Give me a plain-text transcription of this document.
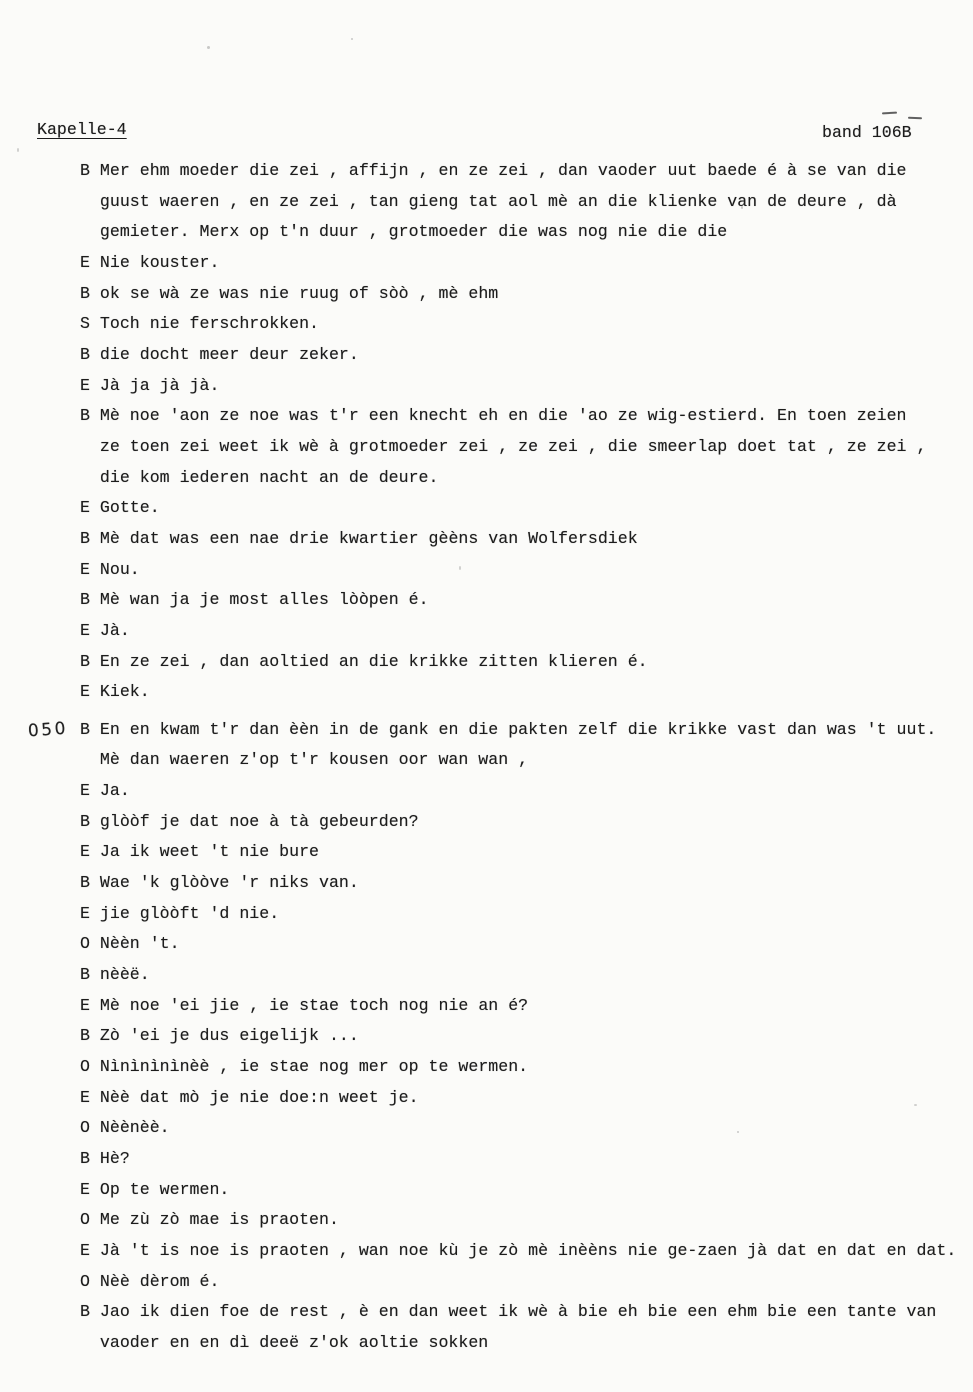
Kapelle-4	band 106B
B Mer ehm moeder die zei , affijn , en ze zei , dan vaoder uut baede é à se van die
guust waeren , en ze zei , tan gieng tat aol mè an die klienke van de deure , dà
gemieter. Merx op t'n duur , grotmoeder die was nog nie die die
E Nie kouster.
B ok se wà ze was nie ruug of sòò , mè ehm
S Toch nie ferschrokken.
B die docht meer deur zeker.
E Jà ja jà jà.
B Mè noe 'aon ze noe was t'r een knecht eh en die 'ao ze wig-estierd. En toen zeien
ze toen zei weet ik wè à grotmoeder zei , ze zei , die smeerlap doet tat , ze zei ,
die kom iederen nacht an de deure.
E Gotte.
B Mè dat was een nae drie kwartier gèèns van Wolfersdiek
E Nou.
B Mè wan ja je most alles lòòpen é.
E Jà.
B En ze zei , dan aoltied an die krikke zitten klieren é.
E Kiek.
050 B En en kwam t'r dan èèn in de gank en die pakten zelf die krikke vast dan was 't uut.
Mè dan waeren z'op t'r kousen oor wan wan ,
E Ja.
B glòòf je dat noe à tà gebeurden?
E Ja ik weet 't nie bure
B Wae 'k glòòve 'r niks van.
E jie glòòft 'd nie.
O Nèèn 't.
B nèèë.
E Mè noe 'ei jie , ie stae toch nog nie an é?
B Zò 'ei je dus eigelijk ...
O Nìnìnìnìnèè , ie stae nog mer op te wermen.
E Nèè dat mò je nie doe:n weet je.
O Nèènèè.
B Hè?
E Op te wermen.
O Me zù zò mae is praoten.
E Jà 't is noe is praoten , wan noe kù je zò mè inèèns nie ge-zaen jà dat en dat en dat.
O Nèè dèrom é.
B Jao ik dien foe de rest , è en dan weet ik wè à bie eh bie een ehm bie een tante van
vaoder en en dì deeë z'ok aoltie sokken
